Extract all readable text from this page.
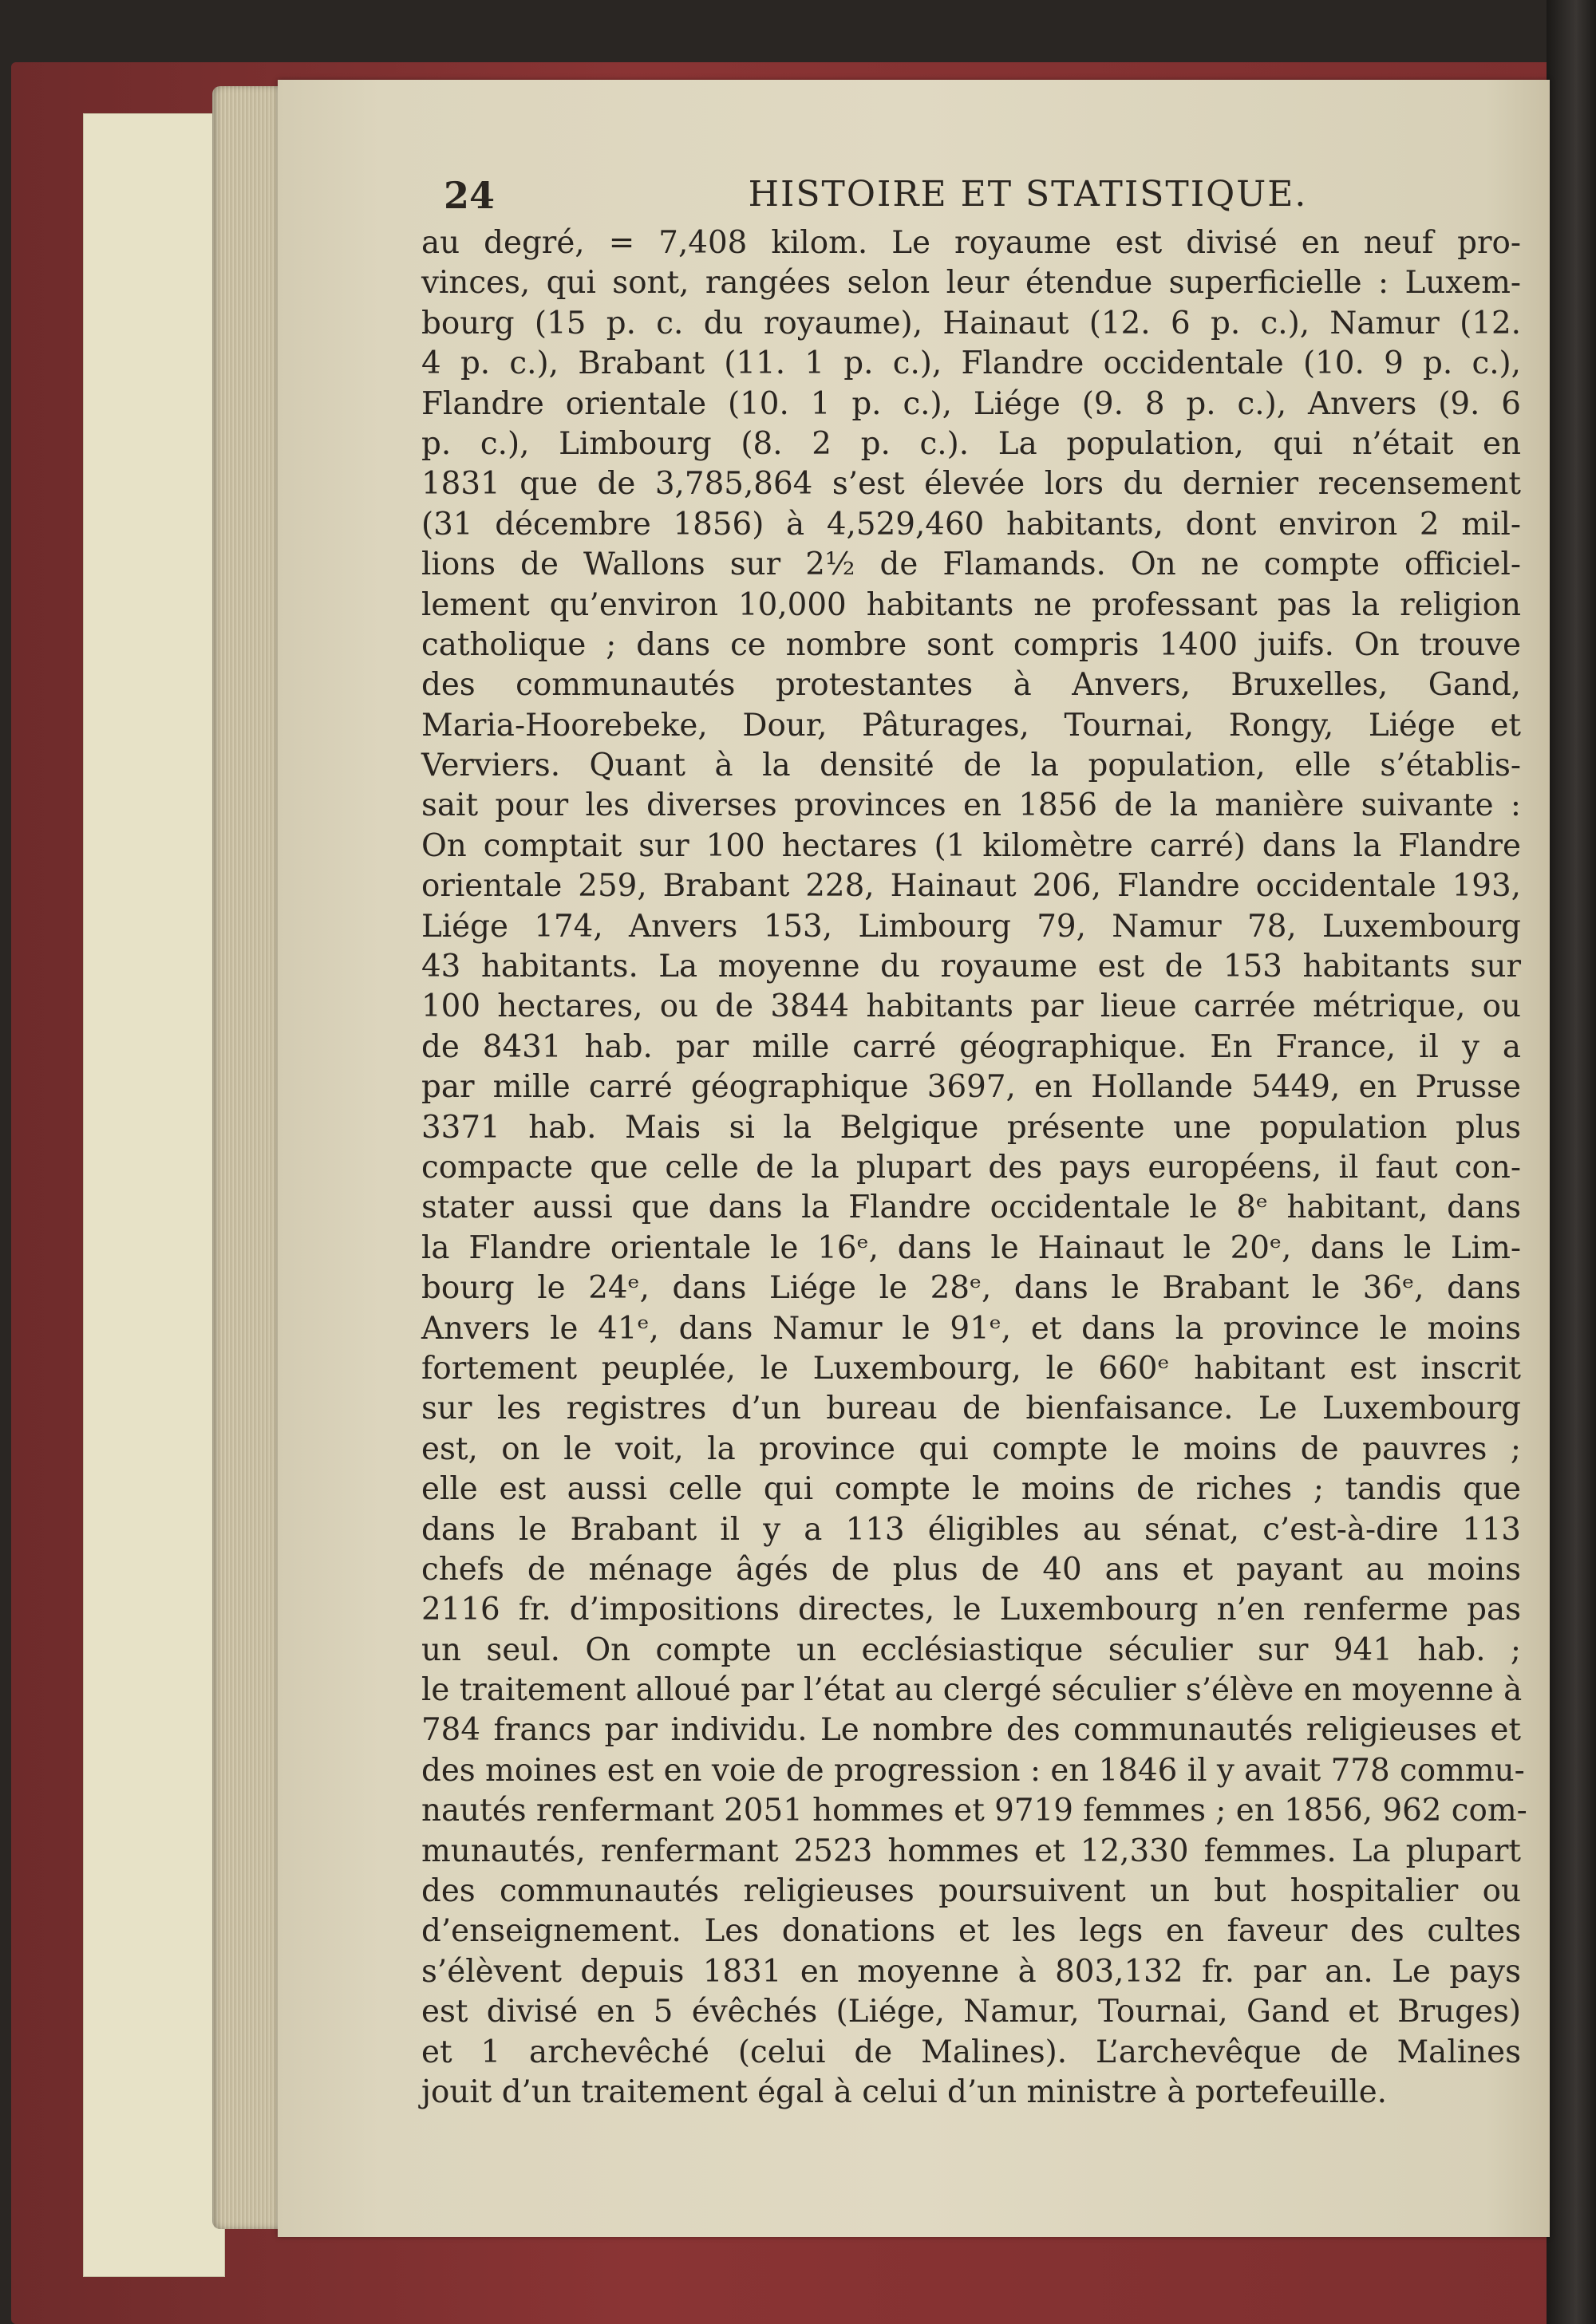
24	HISTOIRE ET STATISTIQUE.
au degré, = 7,408 kilom. Le royaume est divisé en neuf pro-
vinces, qui sont, rangées selon leur étendue superficielle : Luxem-
bourg (15 p. c. du royaume), Hainaut (12. 6 p. c.), Namur (12.
4 p. c.), Brabant (11. 1 p. c.), Flandre occidentale (10. 9 p. c.),
Flandre orientale (10. 1 p. c.), Liége (9. 8 p. c.), Anvers (9. 6
p. c.), Limbourg (8. 2 p. c.). La population, qui n’était en
1831 que de 3,785,864 s’est élevée lors du dernier recensement
(31 décembre 1856) à 4,529,460 habitants, dont environ 2 mil-
lions de Wallons sur 2½ de Flamands. On ne compte officiel-
lement qu’environ 10,000 habitants ne professant pas la religion
catholique ; dans ce nombre sont compris 1400 juifs. On trouve
des communautés protestantes à Anvers, Bruxelles, Gand,
Maria-Hoorebeke, Dour, Pâturages, Tournai, Rongy, Liége et
Verviers. Quant à la densité de la population, elle s’établis-
sait pour les diverses provinces en 1856 de la manière suivante :
On comptait sur 100 hectares (1 kilomètre carré) dans la Flandre
orientale 259, Brabant 228, Hainaut 206, Flandre occidentale 193,
Liége 174, Anvers 153, Limbourg 79, Namur 78, Luxembourg
43 habitants. La moyenne du royaume est de 153 habitants sur
100 hectares, ou de 3844 habitants par lieue carrée métrique, ou
de 8431 hab. par mille carré géographique. En France, il y a
par mille carré géographique 3697, en Hollande 5449, en Prusse
3371 hab. Mais si la Belgique présente une population plus
compacte que celle de la plupart des pays européens, il faut con-
stater aussi que dans la Flandre occidentale le 8ᵉ habitant, dans
la Flandre orientale le 16ᵉ, dans le Hainaut le 20ᵉ, dans le Lim-
bourg le 24ᵉ, dans Liége le 28ᵉ, dans le Brabant le 36ᵉ, dans
Anvers le 41ᵉ, dans Namur le 91ᵉ, et dans la province le moins
fortement peuplée, le Luxembourg, le 660ᵉ habitant est inscrit
sur les registres d’un bureau de bienfaisance. Le Luxembourg
est, on le voit, la province qui compte le moins de pauvres ;
elle est aussi celle qui compte le moins de riches ; tandis que
dans le Brabant il y a 113 éligibles au sénat, c’est-à-dire 113
chefs de ménage âgés de plus de 40 ans et payant au moins
2116 fr. d’impositions directes, le Luxembourg n’en renferme pas
un seul. On compte un ecclésiastique séculier sur 941 hab. ;
le traitement alloué par l’état au clergé séculier s’élève en moyenne à
784 francs par individu. Le nombre des communautés religieuses et
des moines est en voie de progression : en 1846 il y avait 778 commu-
nautés renfermant 2051 hommes et 9719 femmes ; en 1856, 962 com-
munautés, renfermant 2523 hommes et 12,330 femmes. La plupart
des communautés religieuses poursuivent un but hospitalier ou
d’enseignement. Les donations et les legs en faveur des cultes
s’élèvent depuis 1831 en moyenne à 803,132 fr. par an. Le pays
est divisé en 5 évêchés (Liége, Namur, Tournai, Gand et Bruges)
et 1 archevêché (celui de Malines). L’archevêque de Malines
jouit d’un traitement égal à celui d’un ministre à portefeuille.
